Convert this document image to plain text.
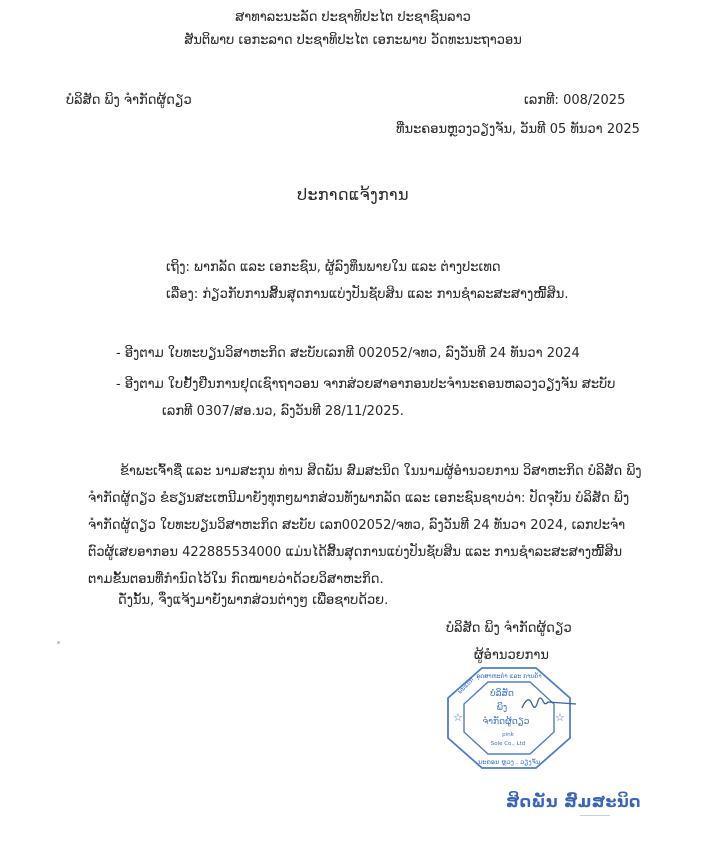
ສາທາລະນະລັດ ປະຊາທິປະໄຕ ປະຊາຊົນລາວ
ສັນຕິພາບ ເອກະລາດ ປະຊາທິປະໄຕ ເອກະພາບ ວັດທະນະຖາວອນ
ບໍລິສັດ ພິງ ຈໍາກັດຜູ້ດຽວ	ເລກທີ: 008/2025
ທີ່ນະຄອນຫຼວງວຽງຈັນ, ວັນທີ 05 ທັນວາ 2025
ປະກາດແຈ້ງການ
ເຖິງ: ພາກລັດ ແລະ ເອກະຊົນ, ຜູ້ລົງທຶນພາຍໃນ ແລະ ຕ່າງປະເທດ
ເລື່ອງ: ກ່ຽວກັບການສິ້ນສຸດການແບ່ງປັນຊັບສິນ ແລະ ການຊໍາລະສະສາງໜີ້ສິນ.
- ອີງຕາມ ໃບທະບຽນວິສາຫະກິດ ສະບັບເລກທີ 002052/ຈທວ, ລົງວັນທີ 24 ທັນວາ 2024
- ອີງຕາມ ໃບຢັ້ງຢືນການຢຸດເຊົາຖາວອນ ຈາກສ່ວຍສາອາກອນປະຈໍານະຄອນຫລວງວຽງຈັນ ສະບັບ
ເລກທີ 0307/ສອ.ນວ, ລົງວັນທີ 28/11/2025.
ຂ້າພະເຈົ້າຊື່ ແລະ ນາມສະກຸນ ທ່ານ ສິດພັນ ສົມສະນິດ ໃນນາມຜູ້ອໍານວຍການ ວິສາຫະກິດ ບໍລິສັດ ພິງ ຈໍາກັດຜູ້ດຽວ ຂໍຮຽນສະເຫນີມາຍັງທຸກໆພາກສ່ວນທັງພາກລັດ ແລະ ເອກະຊົນຊາບວ່າ: ປັດຈຸບັນ ບໍລິສັດ ພິງ ຈໍາກັດຜູ້ດຽວ ໃບທະບຽນວິສາຫະກິດ ສະບັບ ເລກ002052/ຈທວ, ລົງວັນທີ 24 ທັນວາ 2024, ເລກປະຈໍາຕົວຜູ້ເສຍອາກອນ 422885534000 ແມ່ນໄດ້ສິ້ນສຸດການແບ່ງປັນຊັບສິນ ແລະ ການຊໍາລະສະສາງໜີ້ສິນ ຕາມຂັ້ນຕອນທີ່ກໍານົດໄວ້ໃນ ກົດໝາຍວ່າດ້ວຍວິສາຫະກິດ.
ດັ່ງນັ້ນ, ຈຶ່ງແຈ້ງມາຍັງພາກສ່ວນຕ່າງໆ ເພື່ອຊາບດ້ວຍ.
ບໍລິສັດ ພິງ ຈໍາກັດຜູ້ດຽວ
ຜູ້ອໍານວຍການ
☆	☆
ອຸດສາຫະກໍາ ແລະ ການຄ້າ
ພະແນກ
ນະຄອນ ຫຼວງ . ວຽງຈັນ
ບໍລິສັດ
ພິງ
ຈໍາກັດຜູ້ດຽວ
pink
Sole Co., Ltd
ສິດພັນ ສົມສະນິດ
